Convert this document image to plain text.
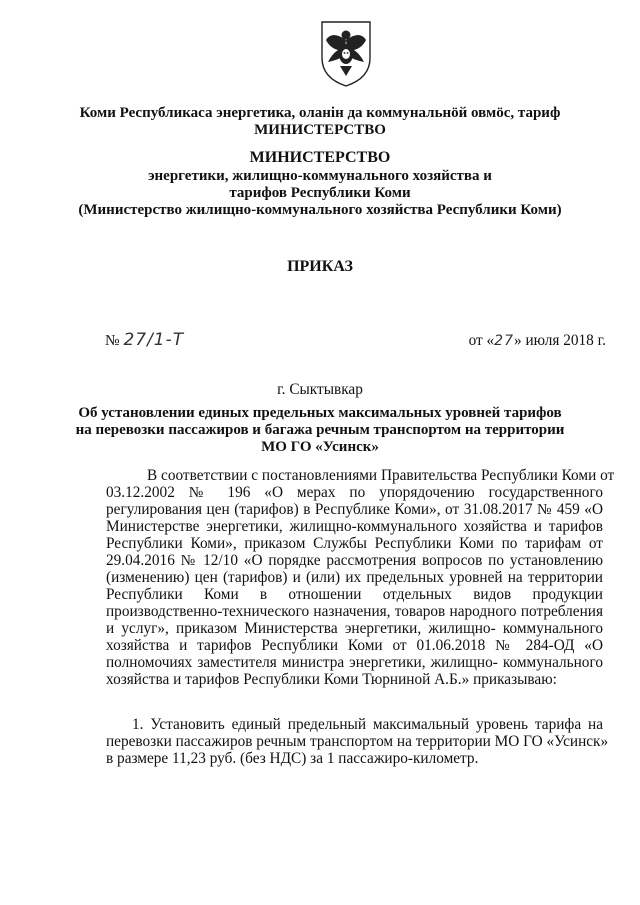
Коми Республикаса энергетика, оланiн да коммунальнöй овмöс, тариф
МИНИСТЕРСТВО
МИНИСТЕРСТВО
энергетики, жилищно-коммунального хозяйства и
тарифов Республики Коми
(Министерство жилищно-коммунального хозяйства Республики Коми)
ПРИКАЗ
№ 27/1-Т	от «27» июля 2018 г.
г. Сыктывкар
Об установлении единых предельных максимальных уровней тарифов
на перевозки пассажиров и багажа речным транспортом на территории
МО ГО «Усинск»
В соответствии с постановлениями Правительства Республики Коми от
03.12.2002 № 196 «О мерах по упорядочению государственного
регулирования цен (тарифов) в Республике Коми», от 31.08.2017 № 459 «О
Министерстве энергетики, жилищно-коммунального хозяйства и тарифов
Республики Коми», приказом Службы Республики Коми по тарифам от
29.04.2016 № 12/10 «О порядке рассмотрения вопросов по установлению
(изменению) цен (тарифов) и (или) их предельных уровней на территории
Республики Коми в отношении отдельных видов продукции
производственно-технического назначения, товаров народного потребления
и услуг», приказом Министерства энергетики, жилищно- коммунального
хозяйства и тарифов Республики Коми от 01.06.2018 № 284-ОД «О
полномочиях заместителя министра энергетики, жилищно- коммунального
хозяйства и тарифов Республики Коми Тюрниной А.Б.» приказываю:
1. Установить единый предельный максимальный уровень тарифа на
перевозки пассажиров речным транспортом на территории МО ГО «Усинск»
в размере 11,23 руб. (без НДС) за 1 пассажиро-километр.
